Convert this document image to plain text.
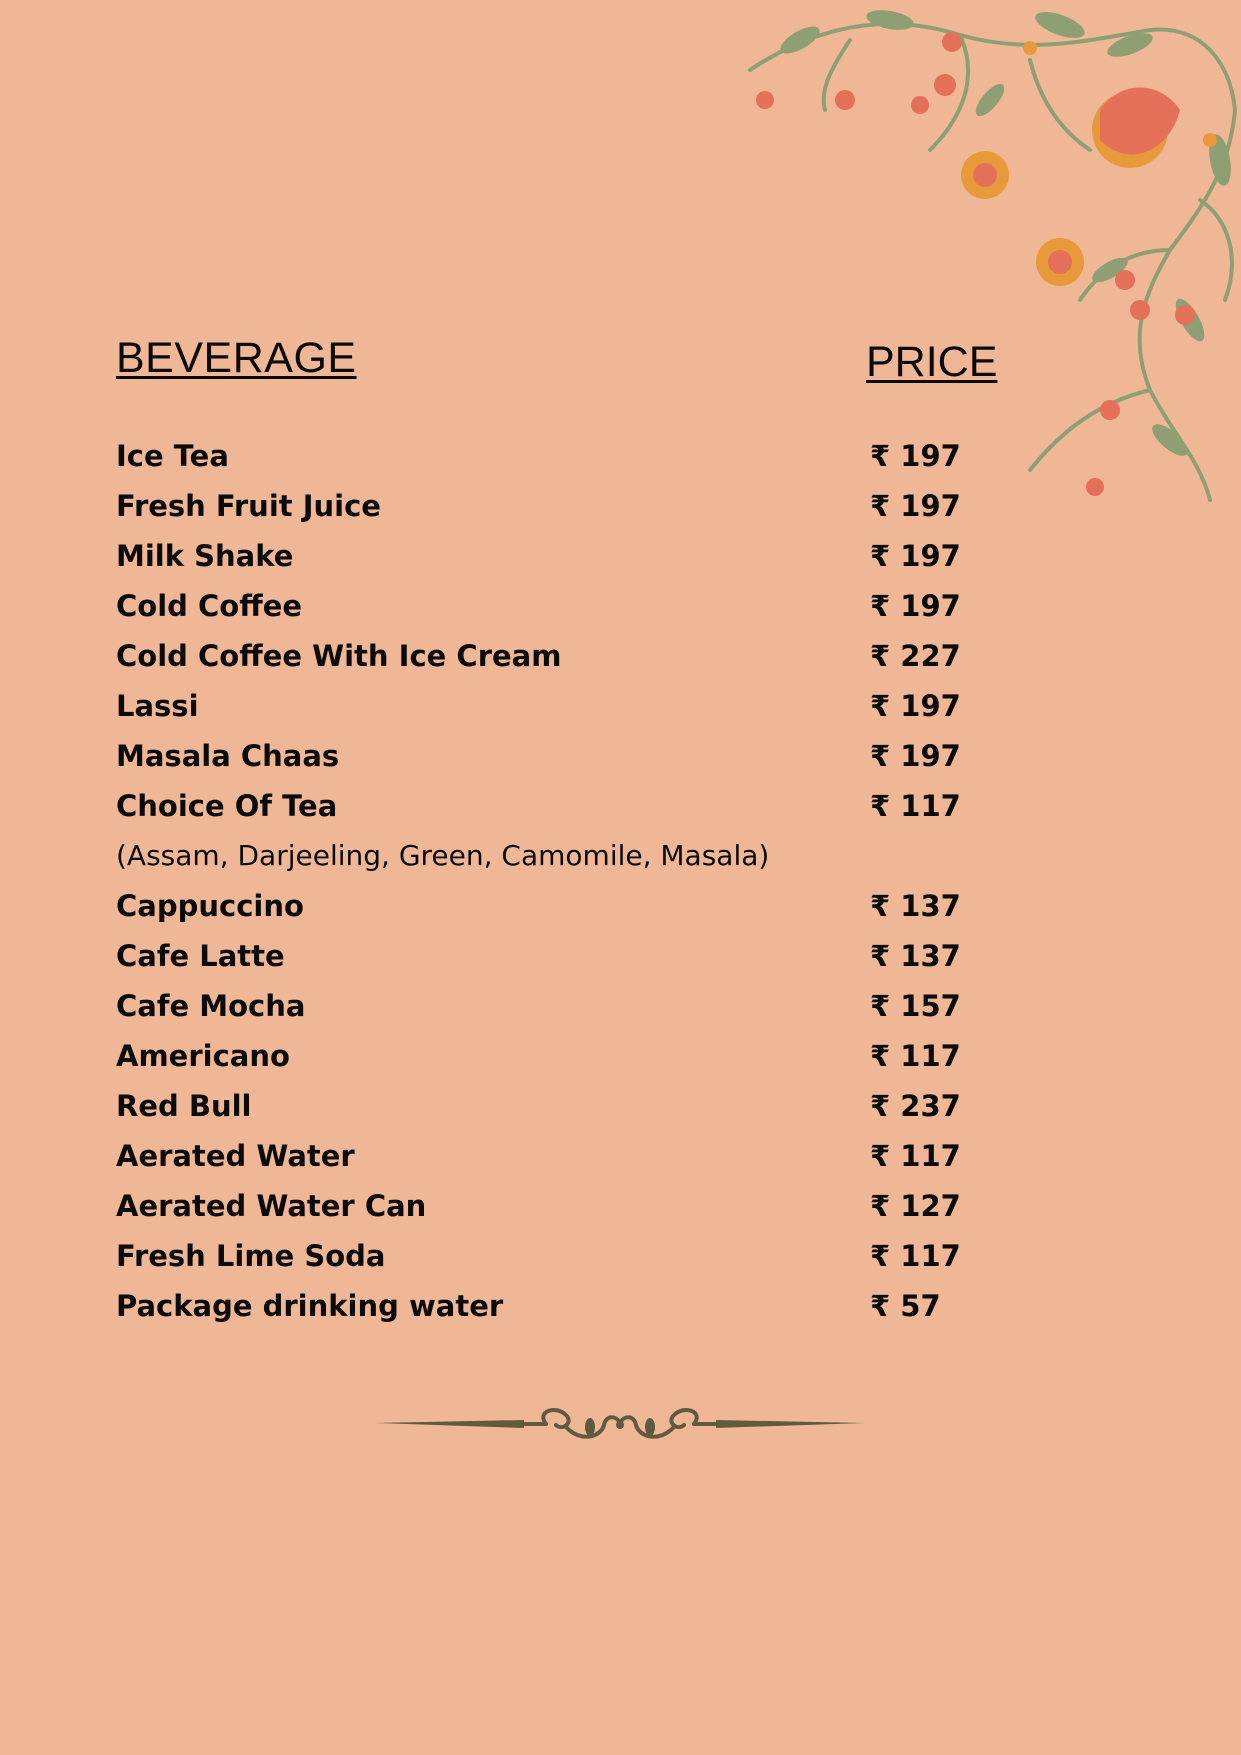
BEVERAGE	PRICE
Ice Tea	₹ 197
Fresh Fruit Juice	₹ 197
Milk Shake	₹ 197
Cold Coffee	₹ 197
Cold Coffee With Ice Cream	₹ 227
Lassi	₹ 197
Masala Chaas	₹ 197
Choice Of Tea	₹ 117
(Assam, Darjeeling, Green, Camomile, Masala)
Cappuccino	₹ 137
Cafe Latte	₹ 137
Cafe Mocha	₹ 157
Americano	₹ 117
Red Bull	₹ 237
Aerated Water	₹ 117
Aerated Water Can	₹ 127
Fresh Lime Soda	₹ 117
Package drinking water	₹ 57
